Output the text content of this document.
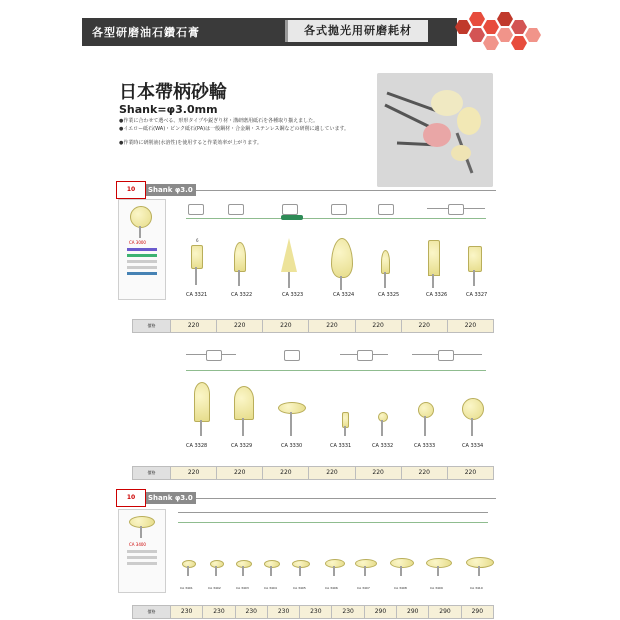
各型研磨油石鑽石膏	各式拋光用研磨耗材
日本帶柄砂輪
Shank=φ3.0mm
●作業に合わせて選べる、形形タイプや鋭ぎり材・溝研磨用砥石を各種取り揃えました。
●イエロー砥石(WA)・ピンク砥石(PA)は一般鋼材・合金鋼・ステンレス鋼などの研削に適しています。
●作業時に研削液(水溶性)を使用すると作業効率が上がります。
10	Shank φ3.0
CA 3000	6
CA 3321	CA 3322	CA 3323	CA 3324	CA 3325	CA 3326	CA 3327
價格	220	220	220	220	220	220	220
CA 3328	CA 3329	CA 3330	CA 3331	CA 3332	CA 3333	CA 3334
價格	220	220	220	220	220	220	220
10	Shank φ3.0
CA 3400
CA 3401	CA 3402	CA 3403	CA 3404	CA 3405	CA 3406	CA 3407	CA 3408	CA 3409	CA 3410
價格	230	230	230	230	230	230	290	290	290	290
